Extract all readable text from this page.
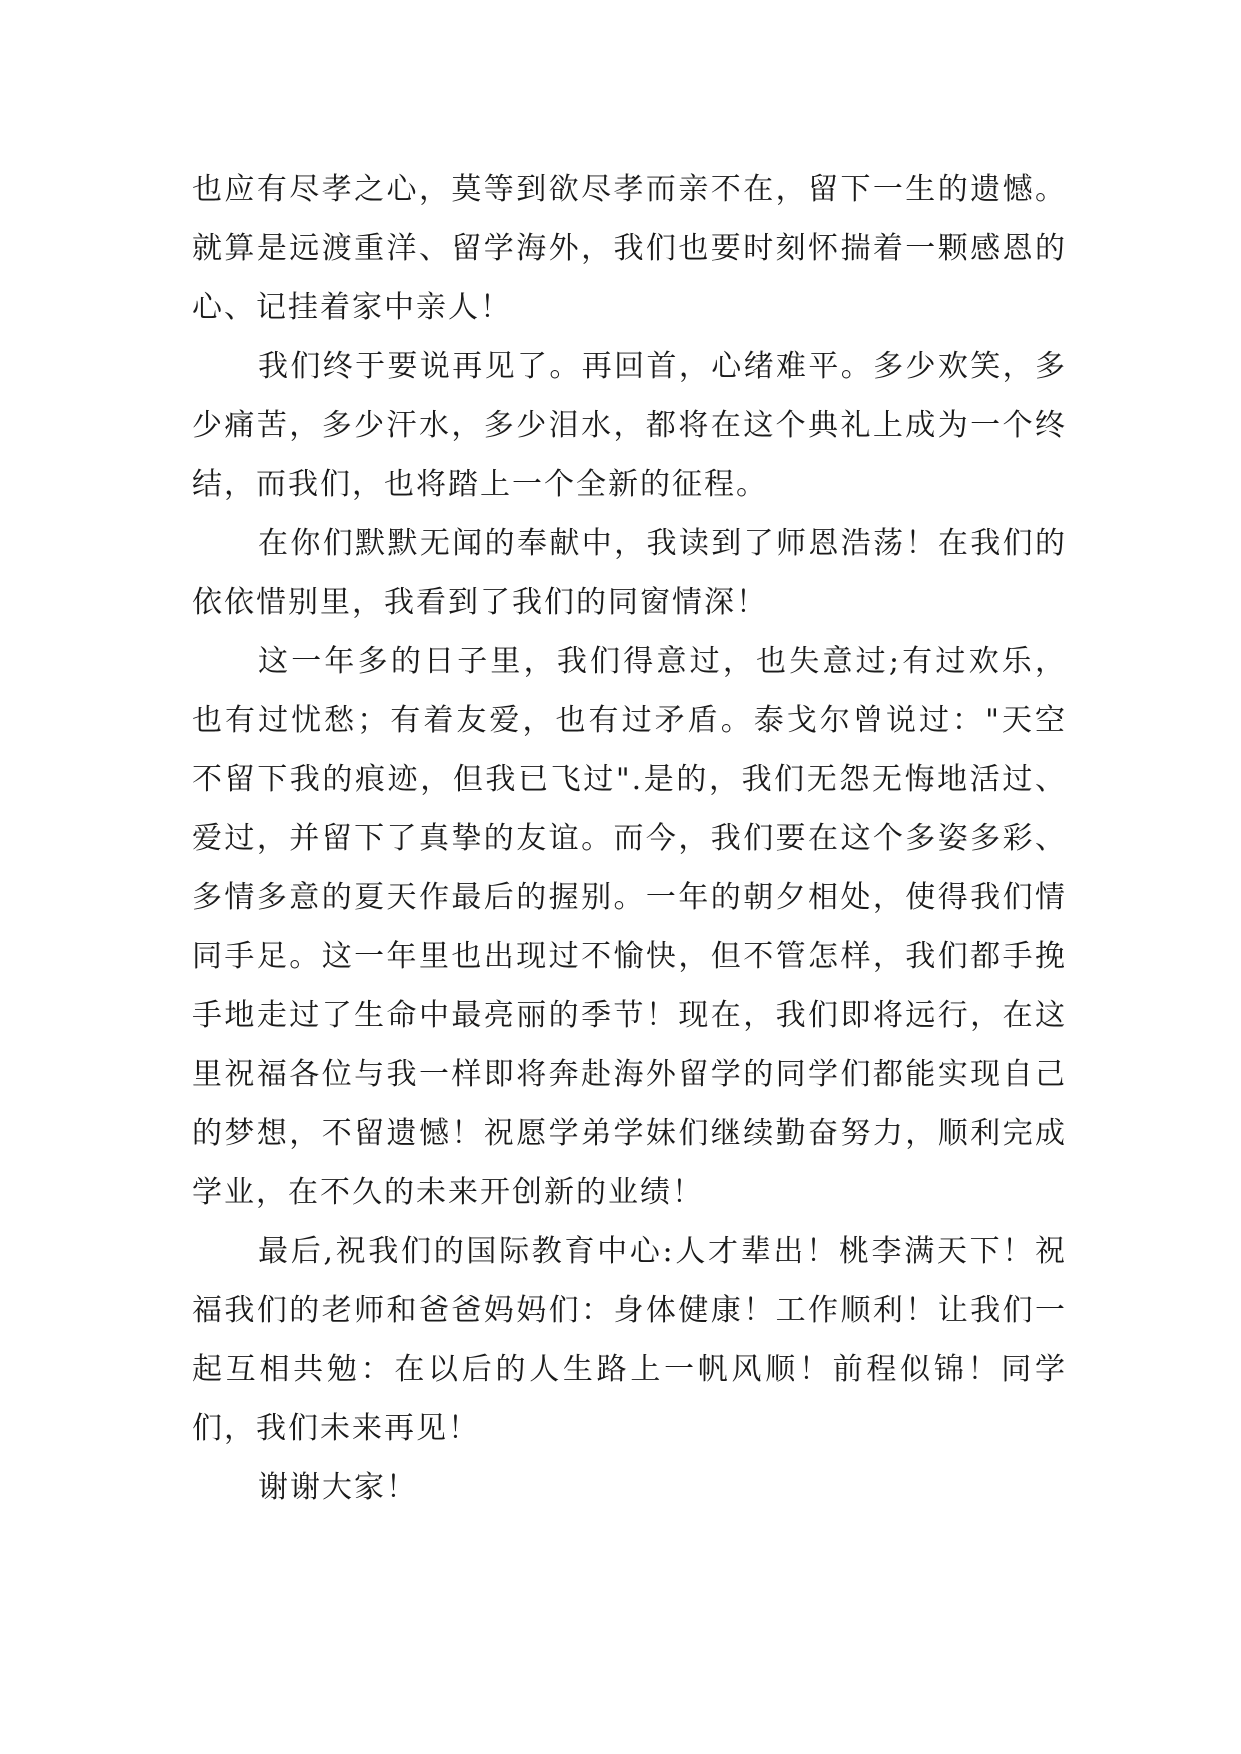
也应有尽孝之心，莫等到欲尽孝而亲不在，留下一生的遗憾。就算是远渡重洋、留学海外，我们也要时刻怀揣着一颗感恩的心、记挂着家中亲人！

我们终于要说再见了。再回首，心绪难平。多少欢笑，多少痛苦，多少汗水，多少泪水，都将在这个典礼上成为一个终结，而我们，也将踏上一个全新的征程。

在你们默默无闻的奉献中，我读到了师恩浩荡！在我们的依依惜别里，我看到了我们的同窗情深！

这一年多的日子里，我们得意过，也失意过;有过欢乐，也有过忧愁；有着友爱，也有过矛盾。泰戈尔曾说过："天空不留下我的痕迹，但我已飞过".是的，我们无怨无悔地活过、爱过，并留下了真挚的友谊。而今，我们要在这个多姿多彩、多情多意的夏天作最后的握别。一年的朝夕相处，使得我们情同手足。这一年里也出现过不愉快，但不管怎样，我们都手挽手地走过了生命中最亮丽的季节！现在，我们即将远行，在这里祝福各位与我一样即将奔赴海外留学的同学们都能实现自己的梦想，不留遗憾！祝愿学弟学妹们继续勤奋努力，顺利完成学业，在不久的未来开创新的业绩！

最后,祝我们的国际教育中心:人才辈出！桃李满天下！祝福我们的老师和爸爸妈妈们：身体健康！工作顺利！让我们一起互相共勉：在以后的人生路上一帆风顺！前程似锦！同学们，我们未来再见！

谢谢大家！
